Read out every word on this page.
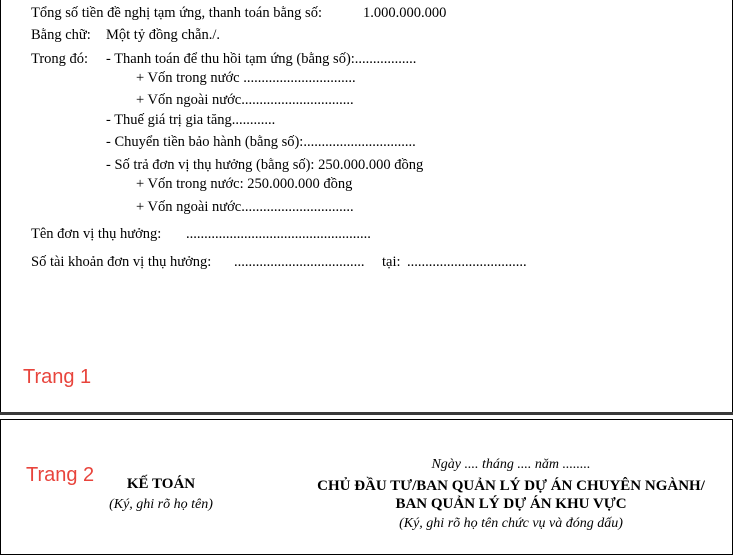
Tổng số tiền đề nghị tạm ứng, thanh toán bằng số:	1.000.000.000
Bằng chữ: Một tỷ đồng chẵn./.
Trong đó: - Thanh toán để thu hồi tạm ứng (bằng số):.................
+ Vốn trong nước ...............................
+ Vốn ngoài nước...............................
- Thuế giá trị gia tăng............
- Chuyển tiền bảo hành (bằng số):...............................
- Số trả đơn vị thụ hưởng (bằng số): 250.000.000 đồng
+ Vốn trong nước: 250.000.000 đồng
+ Vốn ngoài nước...............................
Tên đơn vị thụ hưởng: ...................................................
Số tài khoản đơn vị thụ hưởng: .................................... tại: .................................
Trang 1
Trang 2	Ngày .... tháng .... năm ........
KẾ TOÁN
(Ký, ghi rõ họ tên)
CHỦ ĐẦU TƯ/BAN QUẢN LÝ DỰ ÁN CHUYÊN NGÀNH/
BAN QUẢN LÝ DỰ ÁN KHU VỰC
(Ký, ghi rõ họ tên chức vụ và đóng dấu)
